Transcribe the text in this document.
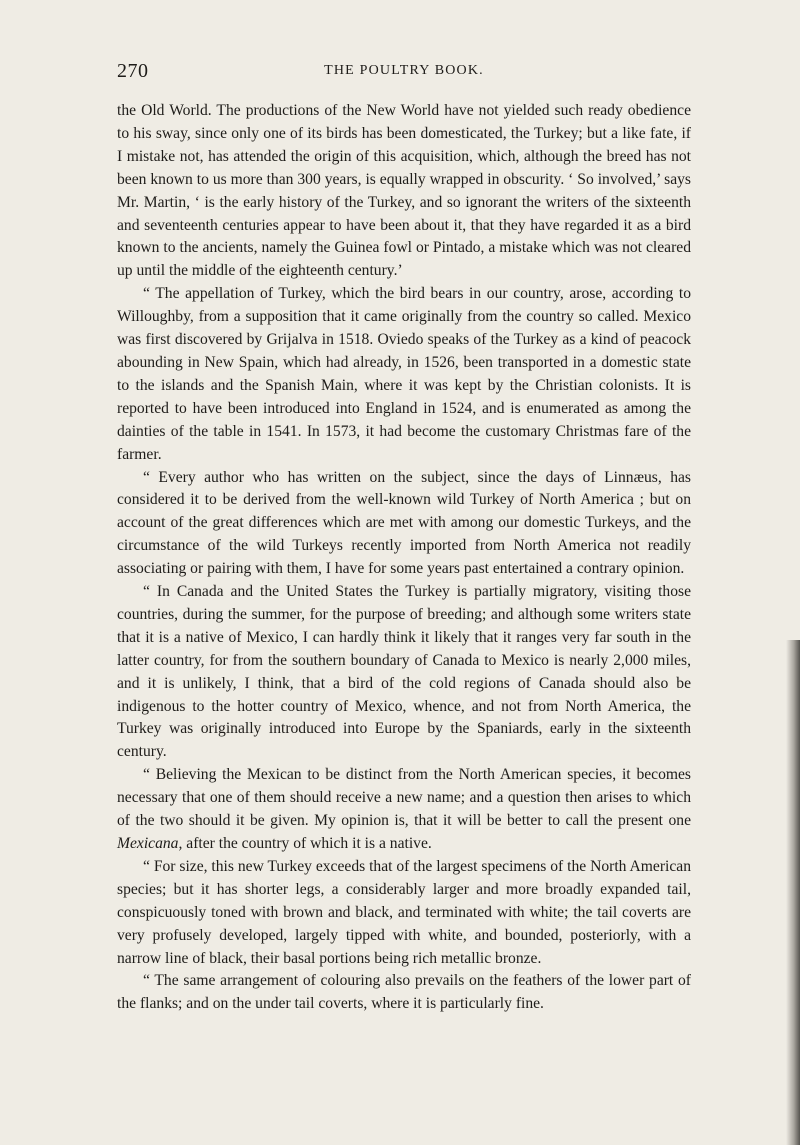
270	THE POULTRY BOOK.

the Old World. The productions of the New World have not yielded such ready obedience to his sway, since only one of its birds has been domesticated, the Turkey; but a like fate, if I mistake not, has attended the origin of this acquisition, which, although the breed has not been known to us more than 300 years, is equally wrapped in obscurity. ‘ So involved,’ says Mr. Martin, ‘ is the early history of the Turkey, and so ignorant the writers of the sixteenth and seventeenth centuries appear to have been about it, that they have regarded it as a bird known to the ancients, namely the Guinea fowl or Pintado, a mistake which was not cleared up until the middle of the eighteenth century.’

“ The appellation of Turkey, which the bird bears in our country, arose, according to Willoughby, from a supposition that it came originally from the country so called. Mexico was first discovered by Grijalva in 1518. Oviedo speaks of the Turkey as a kind of peacock abounding in New Spain, which had already, in 1526, been transported in a domestic state to the islands and the Spanish Main, where it was kept by the Christian colonists. It is reported to have been introduced into England in 1524, and is enumerated as among the dainties of the table in 1541. In 1573, it had become the customary Christmas fare of the farmer.

“ Every author who has written on the subject, since the days of Linnæus, has considered it to be derived from the well-known wild Turkey of North America ; but on account of the great differences which are met with among our domestic Turkeys, and the circumstance of the wild Turkeys recently imported from North America not readily associating or pairing with them, I have for some years past entertained a contrary opinion.

“ In Canada and the United States the Turkey is partially migratory, visiting those countries, during the summer, for the purpose of breeding; and although some writers state that it is a native of Mexico, I can hardly think it likely that it ranges very far south in the latter country, for from the southern boundary of Canada to Mexico is nearly 2,000 miles, and it is unlikely, I think, that a bird of the cold regions of Canada should also be indigenous to the hotter country of Mexico, whence, and not from North America, the Turkey was originally introduced into Europe by the Spaniards, early in the sixteenth century.

“ Believing the Mexican to be distinct from the North American species, it becomes necessary that one of them should receive a new name; and a question then arises to which of the two should it be given. My opinion is, that it will be better to call the present one Mexicana, after the country of which it is a native.

“ For size, this new Turkey exceeds that of the largest specimens of the North American species; but it has shorter legs, a considerably larger and more broadly expanded tail, conspicuously toned with brown and black, and terminated with white; the tail coverts are very profusely developed, largely tipped with white, and bounded, posteriorly, with a narrow line of black, their basal portions being rich metallic bronze.

“ The same arrangement of colouring also prevails on the feathers of the lower part of the flanks; and on the under tail coverts, where it is particularly fine.
